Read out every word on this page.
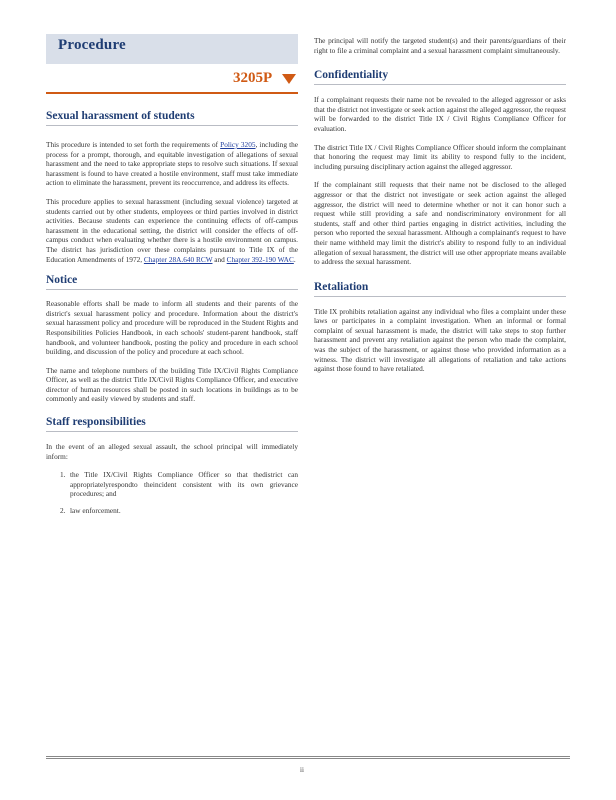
Procedure
3205P
Sexual harassment of students

This procedure is intended to set forth the requirements of Policy 3205, including the process for a prompt, thorough, and equitable investigation of allegations of sexual harassment and the need to take appropriate steps to resolve such situations. If sexual harassment is found to have created a hostile environment, staff must take immediate action to eliminate the harassment, prevent its reoccurrence, and address its effects.

This procedure applies to sexual harassment (including sexual violence) targeted at students carried out by other students, employees or third parties involved in district activities. Because students can experience the continuing effects of off-campus harassment in the educational setting, the district will consider the effects of off-campus conduct when evaluating whether there is a hostile environment on campus. The district has jurisdiction over these complaints pursuant to Title IX of the Education Amendments of 1972, Chapter 28A.640 RCW and Chapter 392-190 WAC.

Notice

Reasonable efforts shall be made to inform all students and their parents of the district's sexual harassment policy and procedure. Information about the district's sexual harassment policy and procedure will be reproduced in the Student Rights and Responsibilities Policies Handbook, in each schools' student-parent handbook, staff handbook, and volunteer handbook, posting the policy and procedure in each school building, and discussion of the policy and procedure at each school.

The name and telephone numbers of the building Title IX/Civil Rights Compliance Officer, as well as the district Title IX/Civil Rights Compliance Officer, and executive director of human resources shall be posted in such locations in buildings as to be commonly and easily viewed by students and staff.

Staff responsibilities

In the event of an alleged sexual assault, the school principal will immediately inform:

1. the Title IX/Civil Rights Compliance Officer so that thedistrict can appropriatelyrespondto theincident consistent with its own grievance procedures; and
2. law enforcement.

The principal will notify the targeted student(s) and their parents/guardians of their right to file a criminal complaint and a sexual harassment complaint simultaneously.

Confidentiality

If a complainant requests their name not be revealed to the alleged aggressor or asks that the district not investigate or seek action against the alleged aggressor, the request will be forwarded to the district Title IX / Civil Rights Compliance Officer for evaluation.

The district Title IX / Civil Rights Compliance Officer should inform the complainant that honoring the request may limit its ability to respond fully to the incident, including pursuing disciplinary action against the alleged aggressor.

If the complainant still requests that their name not be disclosed to the alleged aggressor or that the district not investigate or seek action against the alleged aggressor, the district will need to determine whether or not it can honor such a request while still providing a safe and nondiscriminatory environment for all students, staff and other third parties engaging in district activities, including the person who reported the sexual harassment. Although a complainant's request to have their name withheld may limit the district's ability to respond fully to an individual allegation of sexual harassment, the district will use other appropriate means available to address the sexual harassment.

Retaliation

Title IX prohibits retaliation against any individual who files a complaint under these laws or participates in a complaint investigation. When an informal or formal complaint of sexual harassment is made, the district will take steps to stop further harassment and prevent any retaliation against the person who made the complaint, was the subject of the harassment, or against those who provided information as a witness. The district will investigate all allegations of retaliation and take actions against those found to have retaliated.

ii
